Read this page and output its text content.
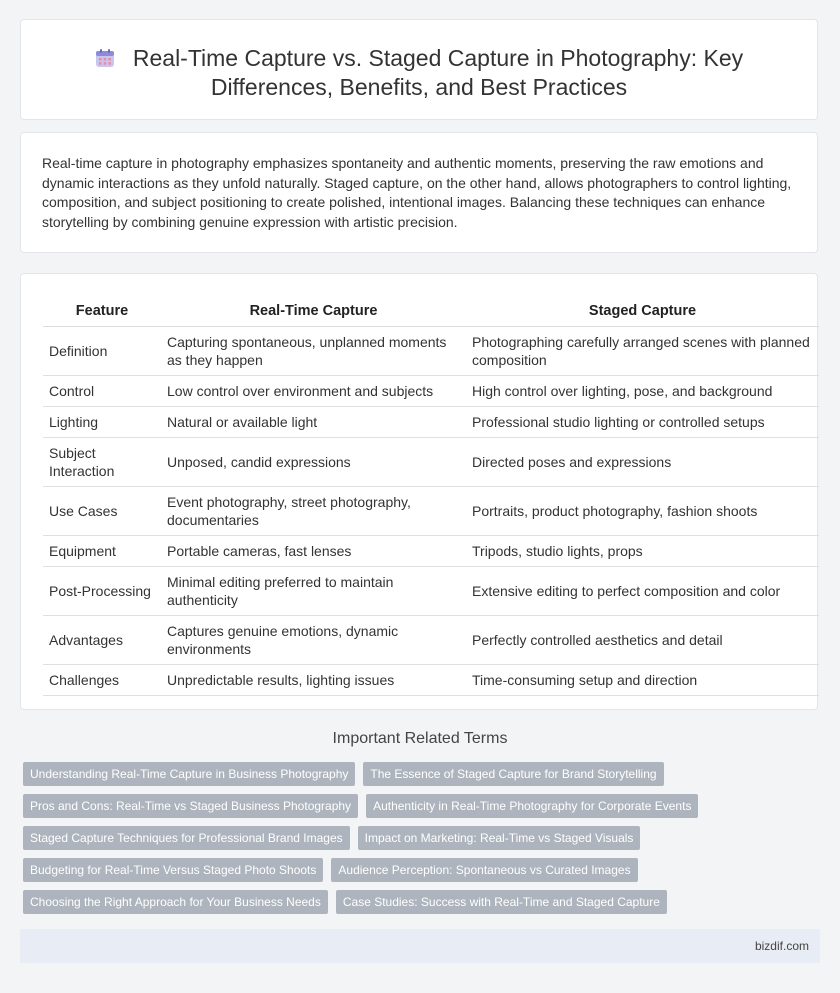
Real-Time Capture vs. Staged Capture in Photography: Key Differences, Benefits, and Best Practices

Real-time capture in photography emphasizes spontaneity and authentic moments, preserving the raw emotions and dynamic interactions as they unfold naturally. Staged capture, on the other hand, allows photographers to control lighting, composition, and subject positioning to create polished, intentional images. Balancing these techniques can enhance storytelling by combining genuine expression with artistic precision.

Feature	Real-Time Capture	Staged Capture
Definition	Capturing spontaneous, unplanned moments as they happen	Photographing carefully arranged scenes with planned composition
Control	Low control over environment and subjects	High control over lighting, pose, and background
Lighting	Natural or available light	Professional studio lighting or controlled setups
Subject Interaction	Unposed, candid expressions	Directed poses and expressions
Use Cases	Event photography, street photography, documentaries	Portraits, product photography, fashion shoots
Equipment	Portable cameras, fast lenses	Tripods, studio lights, props
Post-Processing	Minimal editing preferred to maintain authenticity	Extensive editing to perfect composition and color
Advantages	Captures genuine emotions, dynamic environments	Perfectly controlled aesthetics and detail
Challenges	Unpredictable results, lighting issues	Time-consuming setup and direction
Important Related Terms
Understanding Real-Time Capture in Business Photography	The Essence of Staged Capture for Brand Storytelling
Pros and Cons: Real-Time vs Staged Business Photography	Authenticity in Real-Time Photography for Corporate Events
Staged Capture Techniques for Professional Brand Images	Impact on Marketing: Real-Time vs Staged Visuals
Budgeting for Real-Time Versus Staged Photo Shoots	Audience Perception: Spontaneous vs Curated Images
Choosing the Right Approach for Your Business Needs	Case Studies: Success with Real-Time and Staged Capture
bizdif.com
